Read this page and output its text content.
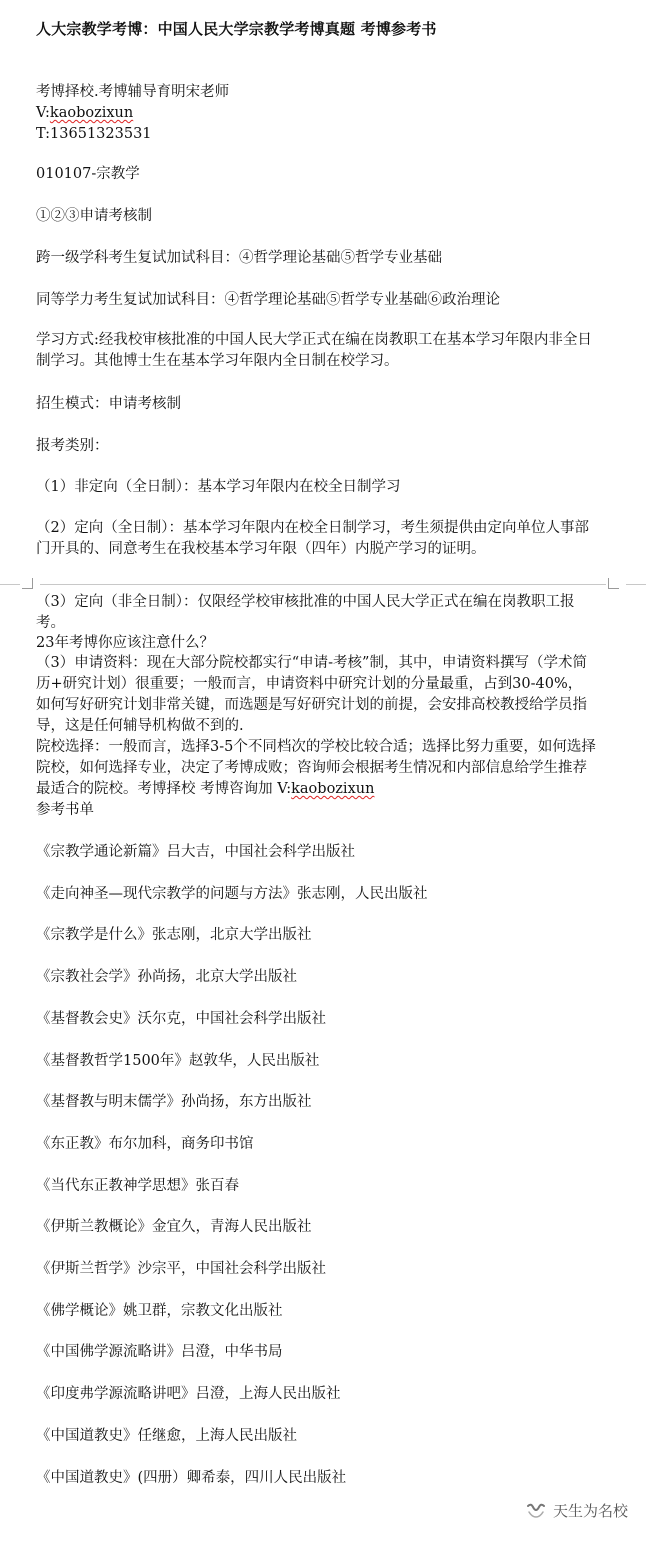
人大宗教学考博：中国人民大学宗教学考博真题 考博参考书
考博择校.考博辅导育明宋老师
V:kaobozixun
T:13651323531
010107-宗教学
①②③申请考核制
跨一级学科考生复试加试科目：④哲学理论基础⑤哲学专业基础
同等学力考生复试加试科目：④哲学理论基础⑤哲学专业基础⑥政治理论
学习方式:经我校审核批准的中国人民大学正式在编在岗教职工在基本学习年限内非全日制学习。其他博士生在基本学习年限内全日制在校学习。
招生模式：申请考核制
报考类别：
（1）非定向（全日制）：基本学习年限内在校全日制学习
（2）定向（全日制）：基本学习年限内在校全日制学习，考生须提供由定向单位人事部门开具的、同意考生在我校基本学习年限（四年）内脱产学习的证明。
（3）定向（非全日制）：仅限经学校审核批准的中国人民大学正式在编在岗教职工报考。
23年考博你应该注意什么？
（3）申请资料：现在大部分院校都实行“申请-考核”制，其中，申请资料撰写（学术简历+研究计划）很重要；一般而言，申请资料中研究计划的分量最重，占到30-40%，如何写好研究计划非常关键，而选题是写好研究计划的前提，会安排高校教授给学员指导，这是任何辅导机构做不到的.
院校选择：一般而言，选择3-5个不同档次的学校比较合适；选择比努力重要，如何选择院校，如何选择专业，决定了考博成败；咨询师会根据考生情况和内部信息给学生推荐最适合的院校。考博择校 考博咨询加 V:kaobozixun
参考书单
《宗教学通论新篇》吕大吉，中国社会科学出版社
《走向神圣—现代宗教学的问题与方法》张志刚，人民出版社
《宗教学是什么》张志刚，北京大学出版社
《宗教社会学》孙尚扬，北京大学出版社
《基督教会史》沃尔克，中国社会科学出版社
《基督教哲学1500年》赵敦华，人民出版社
《基督教与明末儒学》孙尚扬，东方出版社
《东正教》布尔加科，商务印书馆
《当代东正教神学思想》张百春
《伊斯兰教概论》金宜久，青海人民出版社
《伊斯兰哲学》沙宗平，中国社会科学出版社
《佛学概论》姚卫群，宗教文化出版社
《中国佛学源流略讲》吕澄，中华书局
《印度弗学源流略讲吧》吕澄，上海人民出版社
《中国道教史》任继愈，上海人民出版社
《中国道教史》(四册）卿希泰，四川人民出版社
天生为名校
